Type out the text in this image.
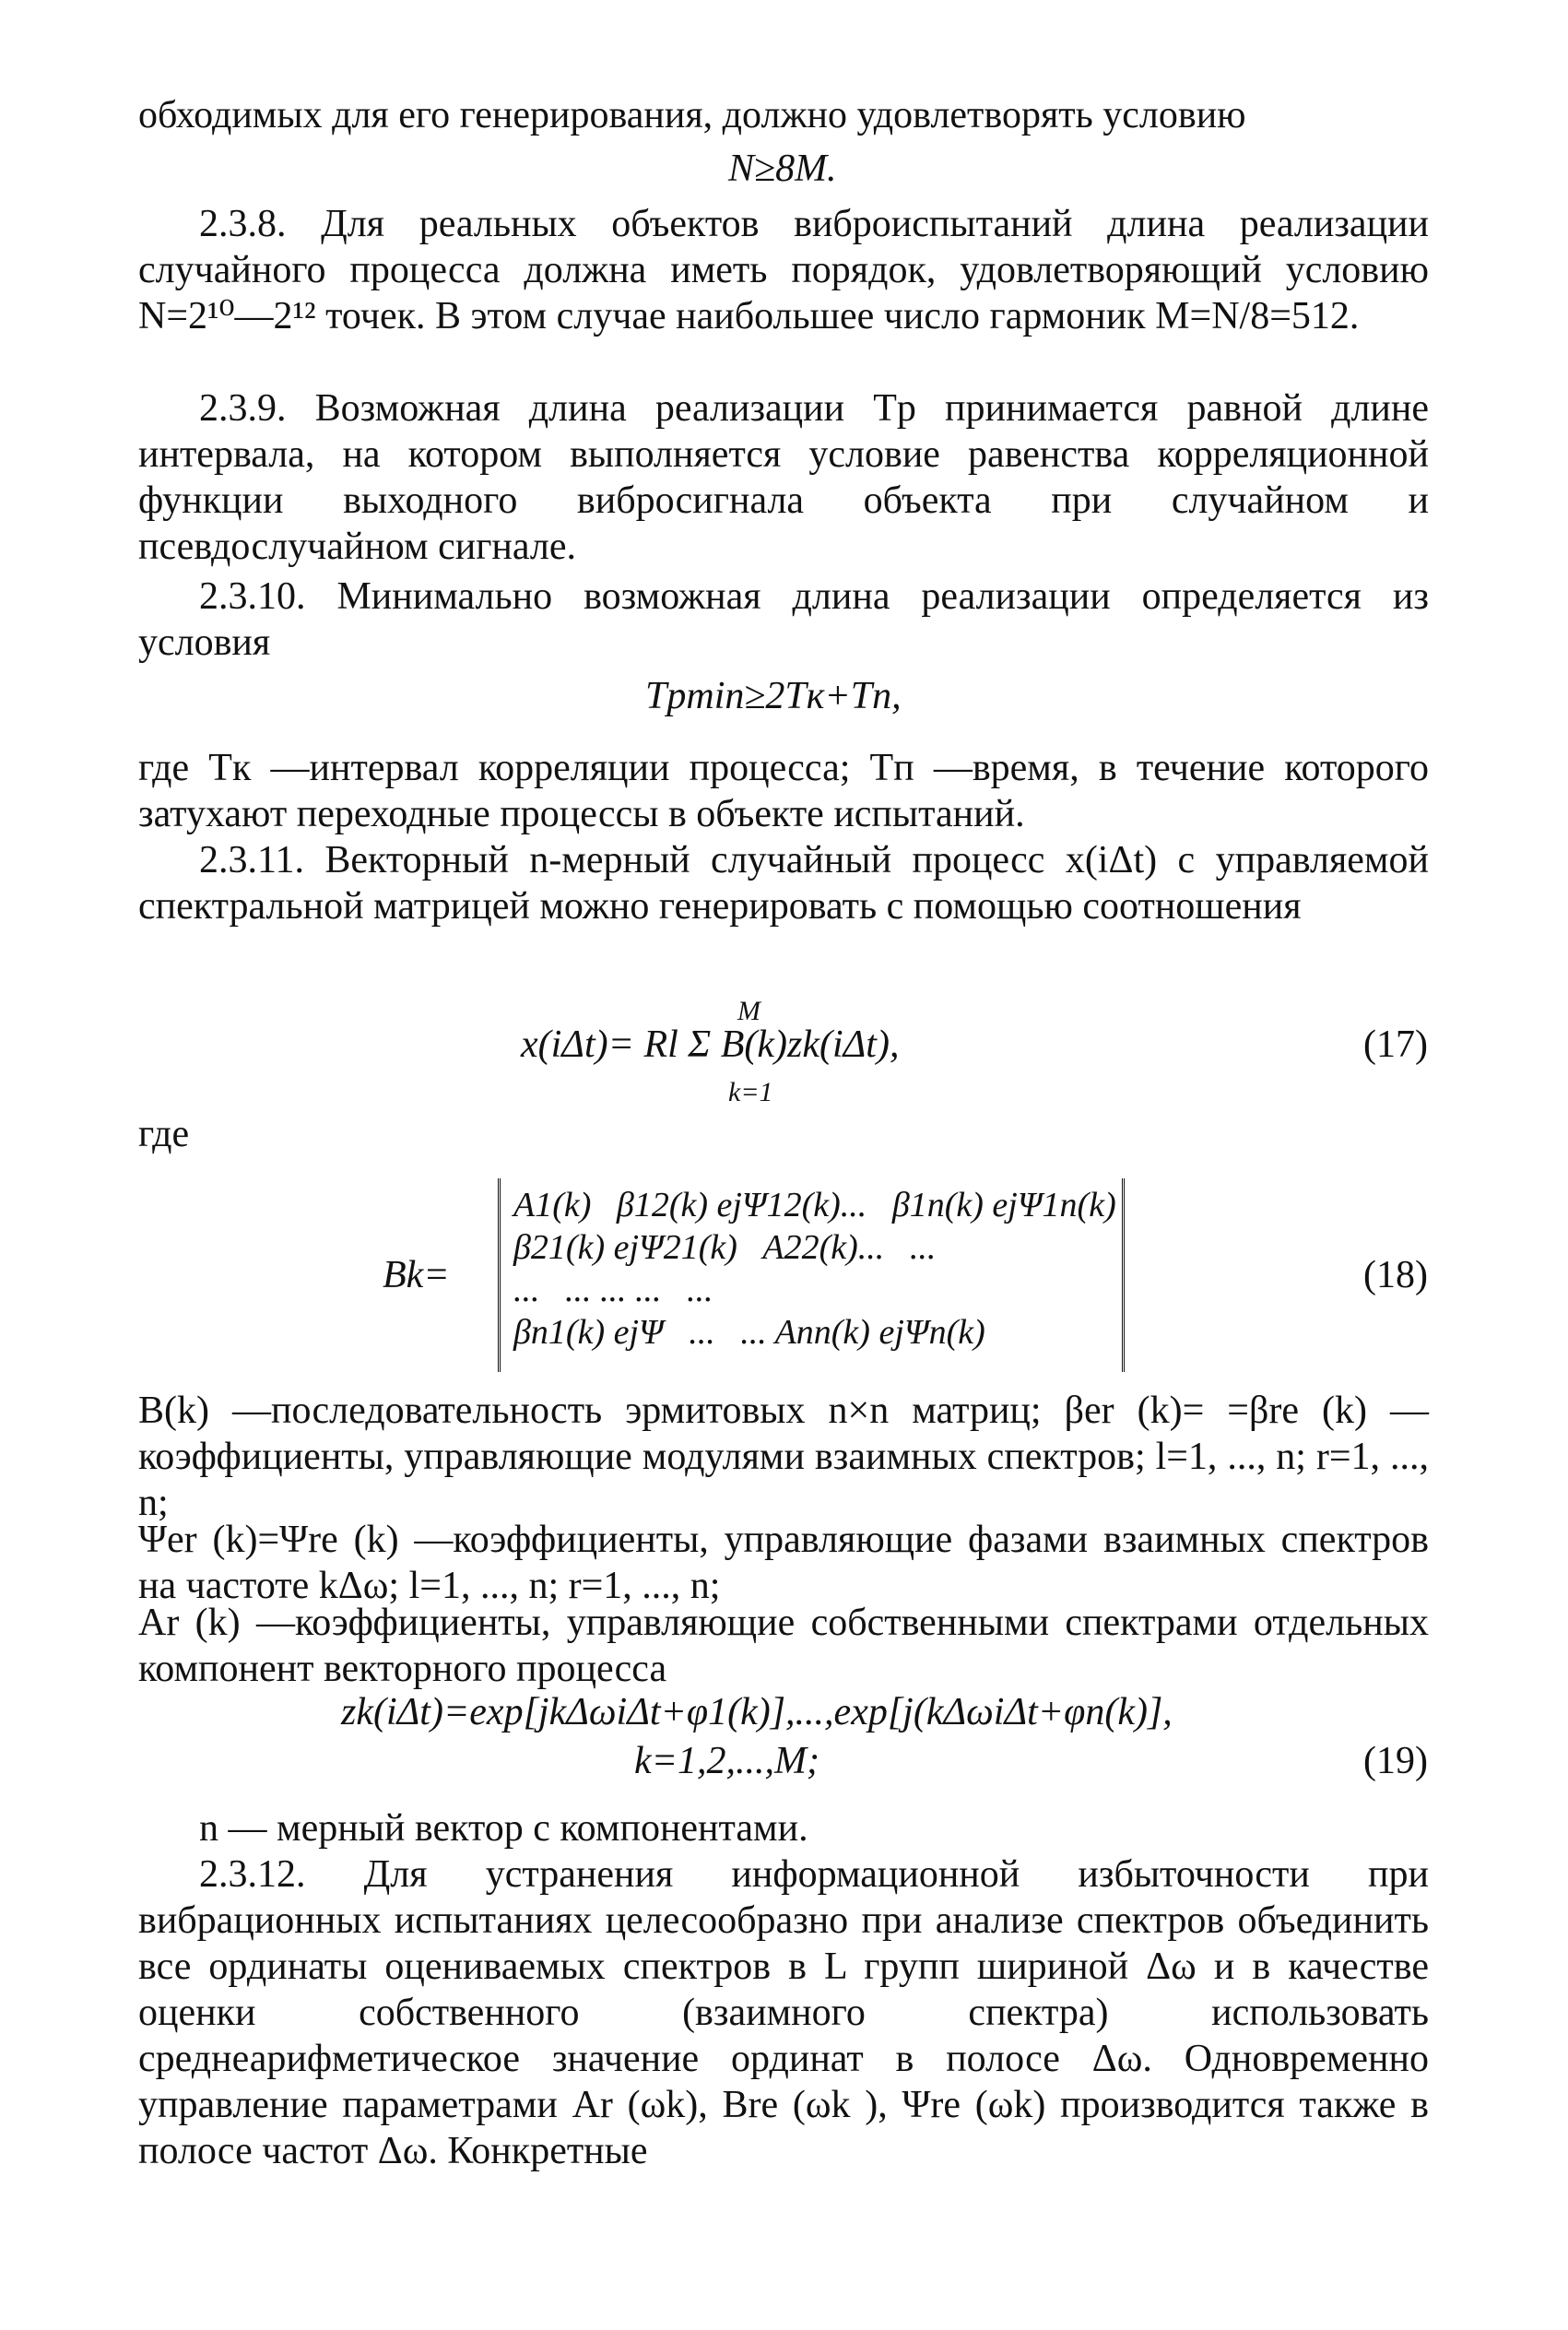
обходимых для его генерирования, должно удовлетворять условию

N≥8M.

2.3.8. Для реальных объектов виброиспытаний длина реализации случайного процесса должна иметь порядок, удовлетворяющий условию N=2¹⁰—2¹² точек. В этом случае наибольшее число гармоник M=N/8=512.

2.3.9. Возможная длина реализации Tр принимается равной длине интервала, на котором выполняется условие равенства корреляционной функции выходного вибросигнала объекта при случайном и псевдослучайном сигнале.

2.3.10. Минимально возможная длина реализации определяется из условия

Tрmin≥2Tк+Tп,

где Tк —интервал корреляции процесса; Tп —время, в течение которого затухают переходные процессы в объекте испытаний.

2.3.11. Векторный n-мерный случайный процесс x(iΔt) с управляемой спектральной матрицей можно генерировать с помощью соотношения

M
x(iΔt)= Rl Σ B(k)zk(iΔt),
k=1
(17)
где
Bk=
A1(k) β12(k) ejΨ12(k)... β1n(k) ejΨ1n(k)
β21(k) ejΨ21(k) A22(k)... ...
... ... ... ... ...
βn1(k) ejΨ ... ... Ann(k) ejΨn(k)
(18)

B(k) —последовательность эрмитовых n×n матриц; βer (k)= =βre (k) — коэффициенты, управляющие модулями взаимных спектров; l=1, ..., n; r=1, ..., n;

Ψer (k)=Ψre (k) —коэффициенты, управляющие фазами взаимных спектров на частоте kΔω; l=1, ..., n; r=1, ..., n;

Ar (k) —коэффициенты, управляющие собственными спектрами отдельных компонент векторного процесса

zk(iΔt)=exp[jkΔωiΔt+φ1(k)],...,exp[j(kΔωiΔt+φn(k)],
k=1,2,...,M;	(19)

n — мерный вектор с компонентами.

2.3.12. Для устранения информационной избыточности при вибрационных испытаниях целесообразно при анализе спектров объединить все ординаты оцениваемых спектров в L групп шириной Δω и в качестве оценки собственного (взаимного спектра) использовать среднеарифметическое значение ординат в полосе Δω. Одновременно управление параметрами Ar (ωk), Bre (ωk ), Ψre (ωk) производится также в полосе частот Δω. Конкретные
